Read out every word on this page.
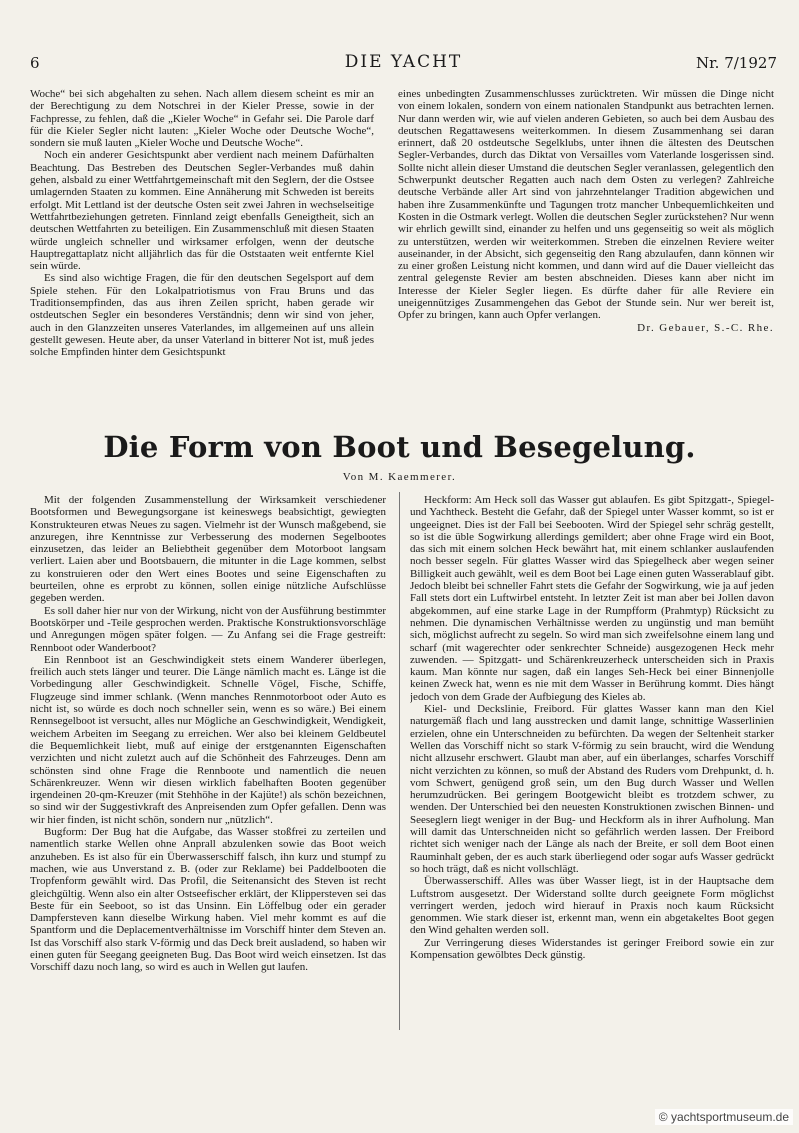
6	DIE YACHT	Nr. 7/1927

Woche“ bei sich abgehalten zu sehen. Nach allem diesem scheint es mir an der Berechtigung zu dem Notschrei in der Kieler Presse, sowie in der Fachpresse, zu fehlen, daß die „Kieler Woche“ in Gefahr sei. Die Parole darf für die Kieler Segler nicht lauten: „Kieler Woche oder Deutsche Woche“, sondern sie muß lauten „Kieler Woche und Deutsche Woche“.

Noch ein anderer Gesichtspunkt aber verdient nach meinem Dafürhalten Beachtung. Das Bestreben des Deutschen Segler-Verbandes muß dahin gehen, alsbald zu einer Wettfahrtgemeinschaft mit den Seglern, der die Ostsee umlagernden Staaten zu kommen. Eine Annäherung mit Schweden ist bereits erfolgt. Mit Lettland ist der deutsche Osten seit zwei Jahren in wechselseitige Wettfahrtbeziehungen getreten. Finnland zeigt ebenfalls Geneigtheit, sich an deutschen Wettfahrten zu beteiligen. Ein Zusammenschluß mit diesen Staaten würde ungleich schneller und wirksamer erfolgen, wenn der deutsche Hauptregattaplatz nicht alljährlich das für die Oststaaten weit entfernte Kiel sein würde.

Es sind also wichtige Fragen, die für den deutschen Segelsport auf dem Spiele stehen. Für den Lokalpatriotismus von Frau Bruns und das Traditionsempfinden, das aus ihren Zeilen spricht, haben gerade wir ostdeutschen Segler ein besonderes Verständnis; denn wir sind von jeher, auch in den Glanzzeiten unseres Vaterlandes, im allgemeinen auf uns allein gestellt gewesen. Heute aber, da unser Vaterland in bitterer Not ist, muß jedes solche Empfinden hinter dem Gesichtspunkt

eines unbedingten Zusammenschlusses zurücktreten. Wir müssen die Dinge nicht von einem lokalen, sondern von einem nationalen Standpunkt aus betrachten lernen. Nur dann werden wir, wie auf vielen anderen Gebieten, so auch bei dem Ausbau des deutschen Regattawesens weiterkommen. In diesem Zusammenhang sei daran erinnert, daß 20 ostdeutsche Segelklubs, unter ihnen die ältesten des Deutschen Segler-Verbandes, durch das Diktat von Versailles vom Vaterlande losgerissen sind. Sollte nicht allein dieser Umstand die deutschen Segler veranlassen, gelegentlich den Schwerpunkt deutscher Regatten auch nach dem Osten zu verlegen? Zahlreiche deutsche Verbände aller Art sind von jahrzehntelanger Tradition abgewichen und haben ihre Zusammenkünfte und Tagungen trotz mancher Unbequemlichkeiten und Kosten in die Ostmark verlegt. Wollen die deutschen Segler zurückstehen? Nur wenn wir ehrlich gewillt sind, einander zu helfen und uns gegenseitig so weit als möglich zu unterstützen, werden wir weiterkommen. Streben die einzelnen Reviere weiter auseinander, in der Absicht, sich gegenseitig den Rang abzulaufen, dann können wir zu einer großen Leistung nicht kommen, und dann wird auf die Dauer vielleicht das zentral gelegenste Revier am besten abschneiden. Dieses kann aber nicht im Interesse der Kieler Segler liegen. Es dürfte daher für alle Reviere ein uneigennütziges Zusammengehen das Gebot der Stunde sein. Nur wer bereit ist, Opfer zu bringen, kann auch Opfer verlangen.

Dr. Gebauer, S.-C. Rhe.

Die Form von Boot und Besegelung.
Von M. Kaemmerer.

Mit der folgenden Zusammenstellung der Wirksamkeit verschiedener Bootsformen und Bewegungsorgane ist keineswegs beabsichtigt, gewiegten Konstrukteuren etwas Neues zu sagen. Vielmehr ist der Wunsch maßgebend, sie anzuregen, ihre Kenntnisse zur Verbesserung des modernen Segelbootes einzusetzen, das leider an Beliebtheit gegenüber dem Motorboot langsam verliert. Laien aber und Bootsbauern, die mitunter in die Lage kommen, selbst zu konstruieren oder den Wert eines Bootes und seine Eigenschaften zu beurteilen, ohne es erprobt zu können, sollen einige nützliche Aufschlüsse gegeben werden.

Es soll daher hier nur von der Wirkung, nicht von der Ausführung bestimmter Bootskörper und -Teile gesprochen werden. Praktische Konstruktionsvorschläge und Anregungen mögen später folgen. — Zu Anfang sei die Frage gestreift: Rennboot oder Wanderboot?

Ein Rennboot ist an Geschwindigkeit stets einem Wanderer überlegen, freilich auch stets länger und teurer. Die Länge nämlich macht es. Länge ist die Vorbedingung aller Geschwindigkeit. Schnelle Vögel, Fische, Schiffe, Flugzeuge sind immer schlank. (Wenn manches Rennmotorboot oder Auto es nicht ist, so würde es doch noch schneller sein, wenn es so wäre.) Bei einem Rennsegelboot ist versucht, alles nur Mögliche an Geschwindigkeit, Wendigkeit, weichem Arbeiten im Seegang zu erreichen. Wer also bei kleinem Geldbeutel die Bequemlichkeit liebt, muß auf einige der erstgenannten Eigenschaften verzichten und nicht zuletzt auch auf die Schönheit des Fahrzeuges. Denn am schönsten sind ohne Frage die Rennboote und namentlich die neuen Schärenkreuzer. Wenn wir diesen wirklich fabelhaften Booten gegenüber irgendeinen 20-qm-Kreuzer (mit Stehhöhe in der Kajüte!) als schön bezeichnen, so sind wir der Suggestivkraft des Anpreisenden zum Opfer gefallen. Denn was wir hier finden, ist nicht schön, sondern nur „nützlich“.

Bugform: Der Bug hat die Aufgabe, das Wasser stoßfrei zu zerteilen und namentlich starke Wellen ohne Anprall abzulenken sowie das Boot weich anzuheben. Es ist also für ein Überwasserschiff falsch, ihn kurz und stumpf zu machen, wie aus Unverstand z. B. (oder zur Reklame) bei Paddelbooten die Tropfenform gewählt wird. Das Profil, die Seitenansicht des Steven ist recht gleichgültig. Wenn also ein alter Ostseefischer erklärt, der Klippersteven sei das Beste für ein Seeboot, so ist das Unsinn. Ein Löffelbug oder ein gerader Dampfersteven kann dieselbe Wirkung haben. Viel mehr kommt es auf die Spantform und die Deplacementverhältnisse im Vorschiff hinter dem Steven an. Ist das Vorschiff also stark V-förmig und das Deck breit ausladend, so haben wir einen guten für Seegang geeigneten Bug. Das Boot wird weich einsetzen. Ist das Vorschiff dazu noch lang, so wird es auch in Wellen gut laufen.

Heckform: Am Heck soll das Wasser gut ablaufen. Es gibt Spitzgatt-, Spiegel- und Yachtheck. Besteht die Gefahr, daß der Spiegel unter Wasser kommt, so ist er ungeeignet. Dies ist der Fall bei Seebooten. Wird der Spiegel sehr schräg gestellt, so ist die üble Sogwirkung allerdings gemildert; aber ohne Frage wird ein Boot, das sich mit einem solchen Heck bewährt hat, mit einem schlanker auslaufenden noch besser segeln. Für glattes Wasser wird das Spiegelheck aber wegen seiner Billigkeit auch gewählt, weil es dem Boot bei Lage einen guten Wasserablauf gibt. Jedoch bleibt bei schneller Fahrt stets die Gefahr der Sogwirkung, wie ja auf jeden Fall stets dort ein Luftwirbel entsteht. In letzter Zeit ist man aber bei Jollen davon abgekommen, auf eine starke Lage in der Rumpfform (Prahmtyp) Rücksicht zu nehmen. Die dynamischen Verhältnisse werden zu ungünstig und man bemüht sich, möglichst aufrecht zu segeln. So wird man sich zweifelsohne einem lang und scharf (mit wagerechter oder senkrechter Schneide) ausgezogenen Heck mehr zuwenden. — Spitzgatt- und Schärenkreuzerheck unterscheiden sich in Praxis kaum. Man könnte nur sagen, daß ein langes Seh-Heck bei einer Binnenjolle keinen Zweck hat, wenn es nie mit dem Wasser in Berührung kommt. Dies hängt jedoch von dem Grade der Aufbiegung des Kieles ab.

Kiel- und Deckslinie, Freibord. Für glattes Wasser kann man den Kiel naturgemäß flach und lang ausstrecken und damit lange, schnittige Wasserlinien erzielen, ohne ein Unterschneiden zu befürchten. Da wegen der Seltenheit starker Wellen das Vorschiff nicht so stark V-förmig zu sein braucht, wird die Wendung nicht allzusehr erschwert. Glaubt man aber, auf ein überlanges, scharfes Vorschiff nicht verzichten zu können, so muß der Abstand des Ruders vom Drehpunkt, d. h. vom Schwert, genügend groß sein, um den Bug durch Wasser und Wellen herumzudrücken. Bei geringem Bootgewicht bleibt es trotzdem schwer, zu wenden. Der Unterschied bei den neuesten Konstruktionen zwischen Binnen- und Seeseglern liegt weniger in der Bug- und Heckform als in ihrer Aufholung. Man will damit das Unterschneiden nicht so gefährlich werden lassen. Der Freibord richtet sich weniger nach der Länge als nach der Breite, er soll dem Boot einen Rauminhalt geben, der es auch stark überliegend oder sogar aufs Wasser gedrückt so hoch trägt, daß es nicht vollschlägt.

Überwasserschiff. Alles was über Wasser liegt, ist in der Hauptsache dem Luftstrom ausgesetzt. Der Widerstand sollte durch geeignete Form möglichst verringert werden, jedoch wird hierauf in Praxis noch kaum Rücksicht genommen. Wie stark dieser ist, erkennt man, wenn ein abgetakeltes Boot gegen den Wind gehalten werden soll.

Zur Verringerung dieses Widerstandes ist geringer Freibord sowie ein zur Kompensation gewölbtes Deck günstig.

© yachtsportmuseum.de
